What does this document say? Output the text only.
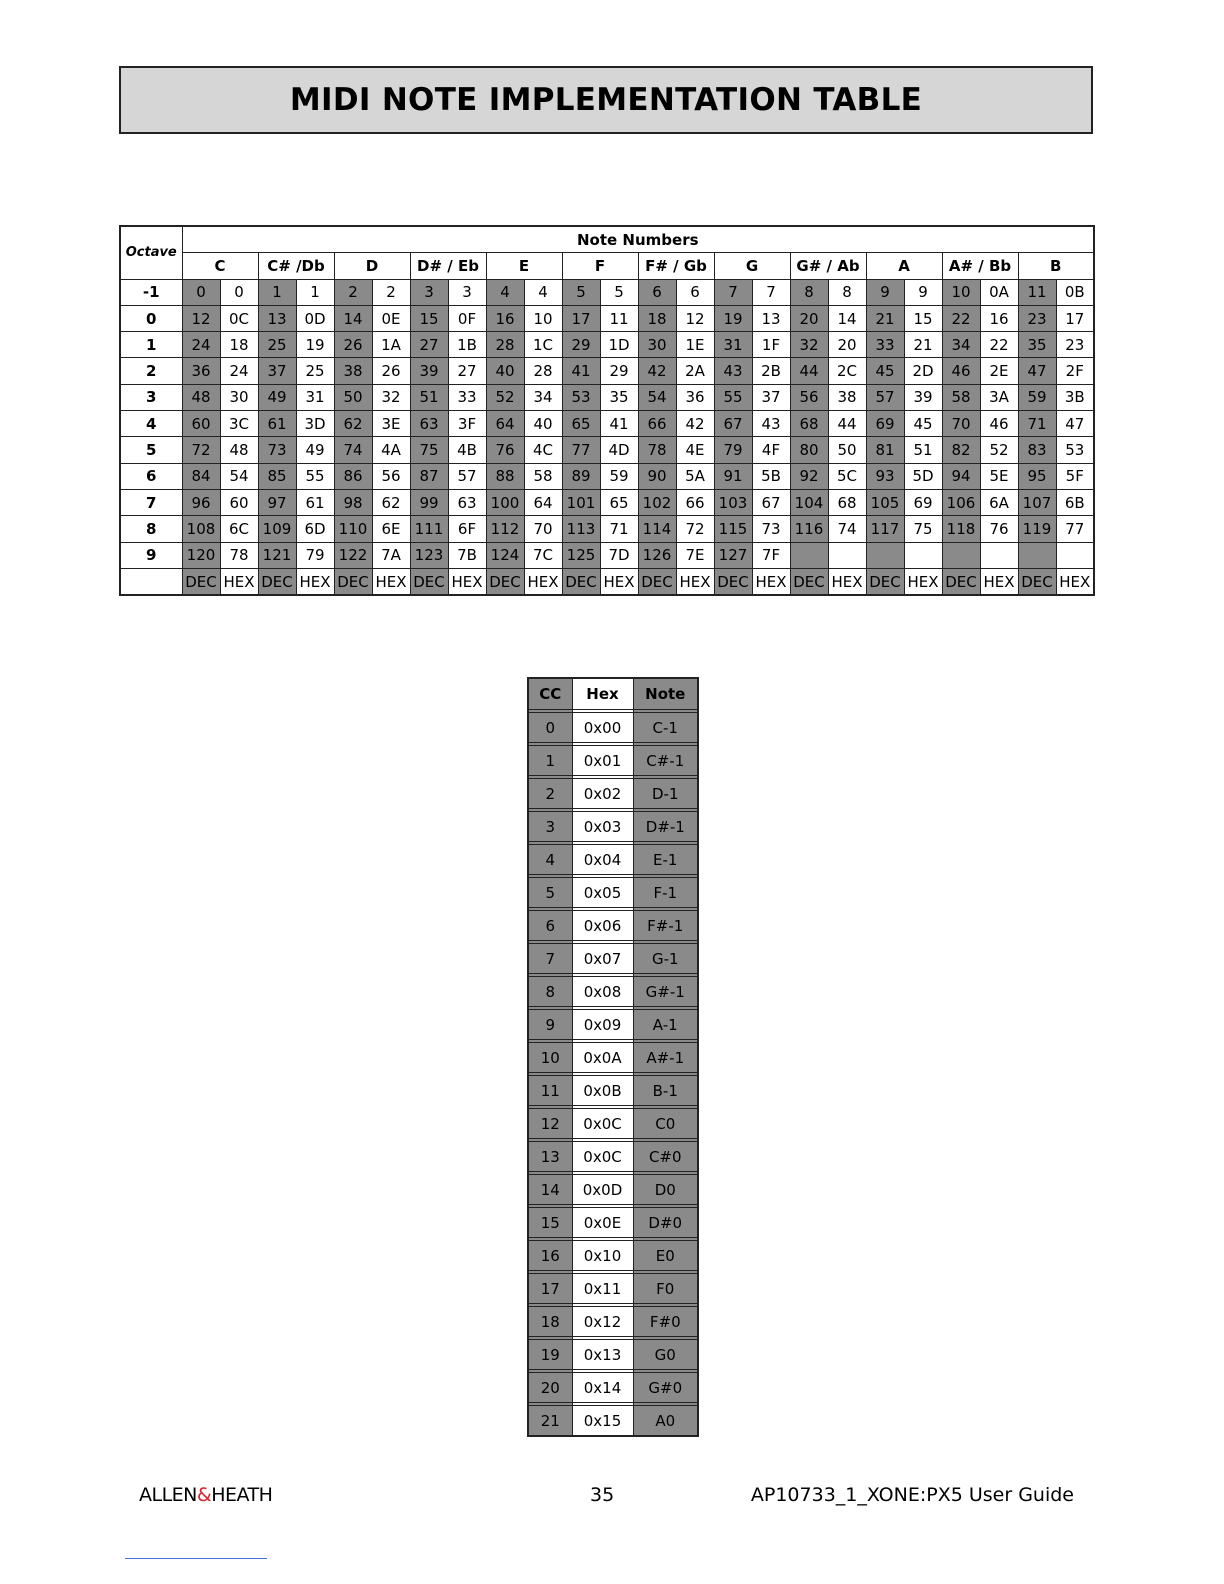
MIDI NOTE IMPLEMENTATION TABLE
Octave	Note Numbers																							
	C		C# /Db		D		D# / Eb		E		F		F# / Gb		G		G# / Ab		A		A# / Bb		B	
-1	0	0	1	1	2	2	3	3	4	4	5	5	6	6	7	7	8	8	9	9	10	0A	11	0B
0	12	0C	13	0D	14	0E	15	0F	16	10	17	11	18	12	19	13	20	14	21	15	22	16	23	17
1	24	18	25	19	26	1A	27	1B	28	1C	29	1D	30	1E	31	1F	32	20	33	21	34	22	35	23
2	36	24	37	25	38	26	39	27	40	28	41	29	42	2A	43	2B	44	2C	45	2D	46	2E	47	2F
3	48	30	49	31	50	32	51	33	52	34	53	35	54	36	55	37	56	38	57	39	58	3A	59	3B
4	60	3C	61	3D	62	3E	63	3F	64	40	65	41	66	42	67	43	68	44	69	45	70	46	71	47
5	72	48	73	49	74	4A	75	4B	76	4C	77	4D	78	4E	79	4F	80	50	81	51	82	52	83	53
6	84	54	85	55	86	56	87	57	88	58	89	59	90	5A	91	5B	92	5C	93	5D	94	5E	95	5F
7	96	60	97	61	98	62	99	63	100	64	101	65	102	66	103	67	104	68	105	69	106	6A	107	6B
8	108	6C	109	6D	110	6E	111	6F	112	70	113	71	114	72	115	73	116	74	117	75	118	76	119	77
9	120	78	121	79	122	7A	123	7B	124	7C	125	7D	126	7E	127	7F								
	DEC	HEX	DEC	HEX	DEC	HEX	DEC	HEX	DEC	HEX	DEC	HEX	DEC	HEX	DEC	HEX	DEC	HEX	DEC	HEX	DEC	HEX	DEC	HEX
CC	Hex	Note

0	0x00	C-1

1	0x01	C#-1

2	0x02	D-1

3	0x03	D#-1

4	0x04	E-1

5	0x05	F-1

6	0x06	F#-1

7	0x07	G-1

8	0x08	G#-1

9	0x09	A-1

10	0x0A	A#-1

11	0x0B	B-1

12	0x0C	C0

13	0x0C	C#0

14	0x0D	D0

15	0x0E	D#0

16	0x10	E0

17	0x11	F0

18	0x12	F#0

19	0x13	G0

20	0x14	G#0

21	0x15	A0
ALLEN&HEATH	35	AP10733_1_XONE:PX5 User Guide
